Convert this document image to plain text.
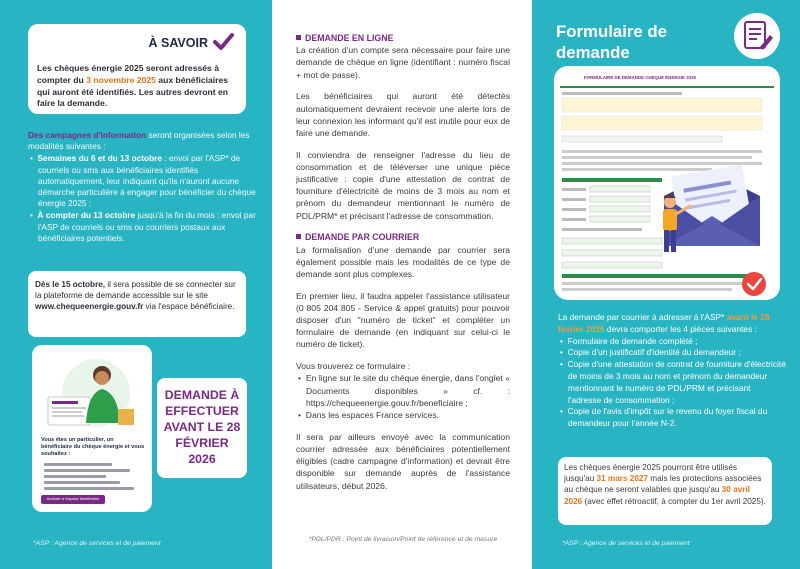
À SAVOIR
Les chèques énergie 2025 seront adressés à compter du 3 novembre 2025 aux bénéficiaires qui auront été identifiés. Les autres devront en faire la demande.
Des campagnes d'information seront organisées selon les modalités suivantes :
•  Semaines du 6 et du 13 octobre : envoi par l'ASP* de courriels ou sms aux bénéficiaires identifiés automatiquement, leur indiquant qu'ils n'auront aucune démarche particulière à engager pour bénéficier du chèque énergie 2025 ;
•  À compter du 13 octobre jusqu'à la fin du mois : envoi par l'ASP de courriels ou sms ou courriers postaux aux bénéficiaires potentiels.
Dès le 15 octobre, il sera possible de se connecter sur la plateforme de demande accessible sur le site www.chequeenergie.gouv.fr via l'espace bénéficiaire.
Vous êtes un particulier, un bénéficiaire du chèque énergie et vous souhaitez :
Accéder à l'espace bénéficiaire
DEMANDE À EFFECTUER AVANT LE 28 FÉVRIER 2026
*ASP : Agence de services et de paiement
DEMANDE EN LIGNE

La création d'un compte sera nécessaire pour faire une demande de chèque en ligne (identifiant : numéro fiscal + mot de passe).

Les bénéficiaires qui auront été détectés automatiquement devraient recevoir une alerte lors de leur connexion les informant qu'il est inutile pour eux de faire une demande.

Il conviendra de renseigner l'adresse du lieu de consommation et de téléverser une unique pièce justificative : copie d'une attestation de contrat de fourniture d'électricité de moins de 3 mois au nom et prénom du demandeur mentionnant le numéro de PDL/PRM* et précisant l'adresse de consommation.

DEMANDE PAR COURRIER

La formalisation d'une demande par courrier sera également possible mais les modalités de ce type de demande sont plus complexes.

En premier lieu, il faudra appeler l'assistance utilisateur (0 805 204 805 - Service & appel gratuits) pour pouvoir disposer d'un "numéro de ticket" et compléter un formulaire de demande (en indiquant sur celui-ci le numéro de ticket).

Vous trouverez ce formulaire :
•  En ligne sur le site du chèque énergie, dans l'onglet « Documents disponibles » cf. : https://chequeenergie.gouv.fr/beneficiaire ;
•  Dans les espaces France services.

Il sera par ailleurs envoyé avec la communication courrier adressée aux bénéficiaires potentiellement éligibles (cadre campagne d'information) et devrait être disponible sur demande auprès de l'assistance utilisateurs, début 2026.

*PDL/PDR : Point de livraison/Point de référence et de mesure
Formulaire de demande
FORMULAIRE DE DEMANDE CHÈQUE ÉNERGIE 2025
La demande par courrier à adresser à l'ASP* avant le 28 février 2026 devra comporter les 4 pièces suivantes :
•  Formulaire de demande complété ;
•  Copie d'un justificatif d'identité du demandeur ;
•  Copie d'une attestation de contrat de fourniture d'électricité de moins de 3 mois au nom et prénom du demandeur mentionnant le numéro de PDL/PRM et précisant l'adresse de consommation ;
•  Copie de l'avis d'impôt sur le revenu du foyer fiscal du demandeur pour l'année N-2.
*ASP : Agence de services et de paiement
Les chèques énergie 2025 pourront être utilisés jusqu'au 31 mars 2027 mais les protections associées au chèque ne seront valables que jusqu'au 30 avril 2026 (avec effet rétroactif, à compter du 1er avril 2025).
